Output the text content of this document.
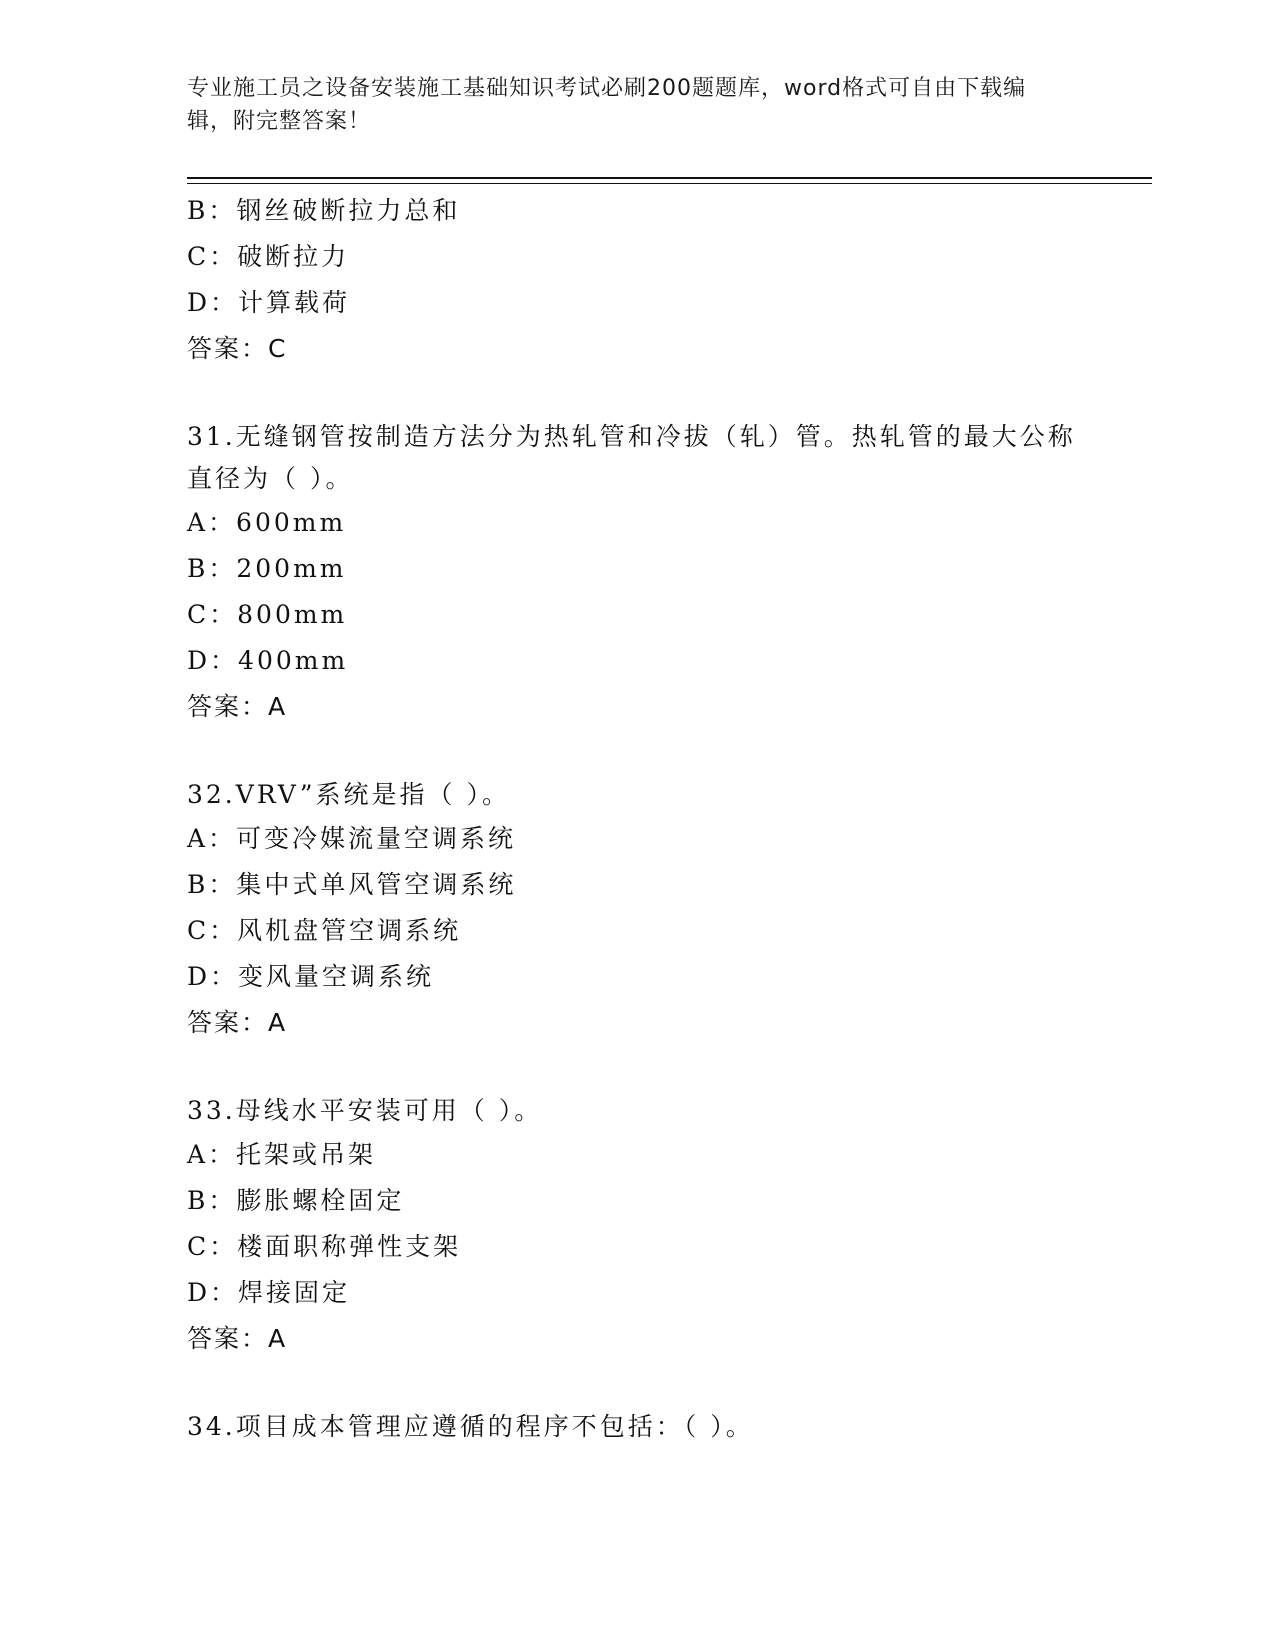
专业施工员之设备安装施工基础知识考试必刷200题题库，word格式可自由下载编辑，附完整答案！
B：钢丝破断拉力总和
C：破断拉力
D：计算载荷
答案：C
31.无缝钢管按制造方法分为热轧管和冷拔（轧）管。热轧管的最大公称直径为（ ）。
A：600mm
B：200mm
C：800mm
D：400mm
答案：A
32.VRV”系统是指（ ）。
A：可变冷媒流量空调系统
B：集中式单风管空调系统
C：风机盘管空调系统
D：变风量空调系统
答案：A
33.母线水平安装可用（ ）。
A：托架或吊架
B：膨胀螺栓固定
C：楼面职称弹性支架
D：焊接固定
答案：A
34.项目成本管理应遵循的程序不包括：（ ）。
